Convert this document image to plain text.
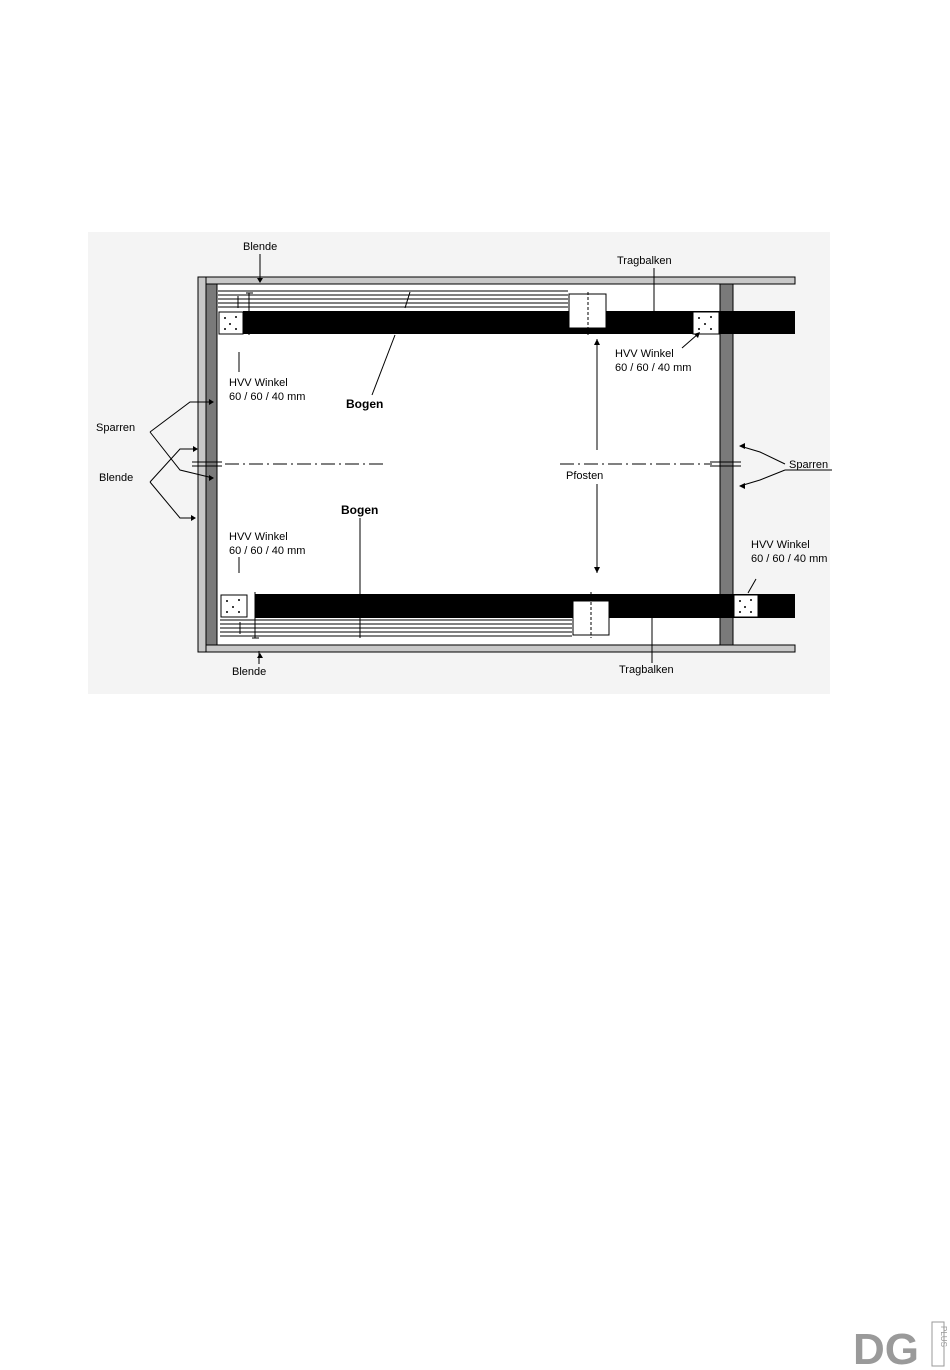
Blende
Tragbalken
HVV Winkel
60 / 60 / 40 mm
HVV Winkel
60 / 60 / 40 mm	Bogen
Sparren
Blende	Pfosten
Sparren
Bogen
HVV Winkel
60 / 60 / 40 mm	HVV Winkel
60 / 60 / 40 mm
Blende	Tragbalken
DG	PLUS
